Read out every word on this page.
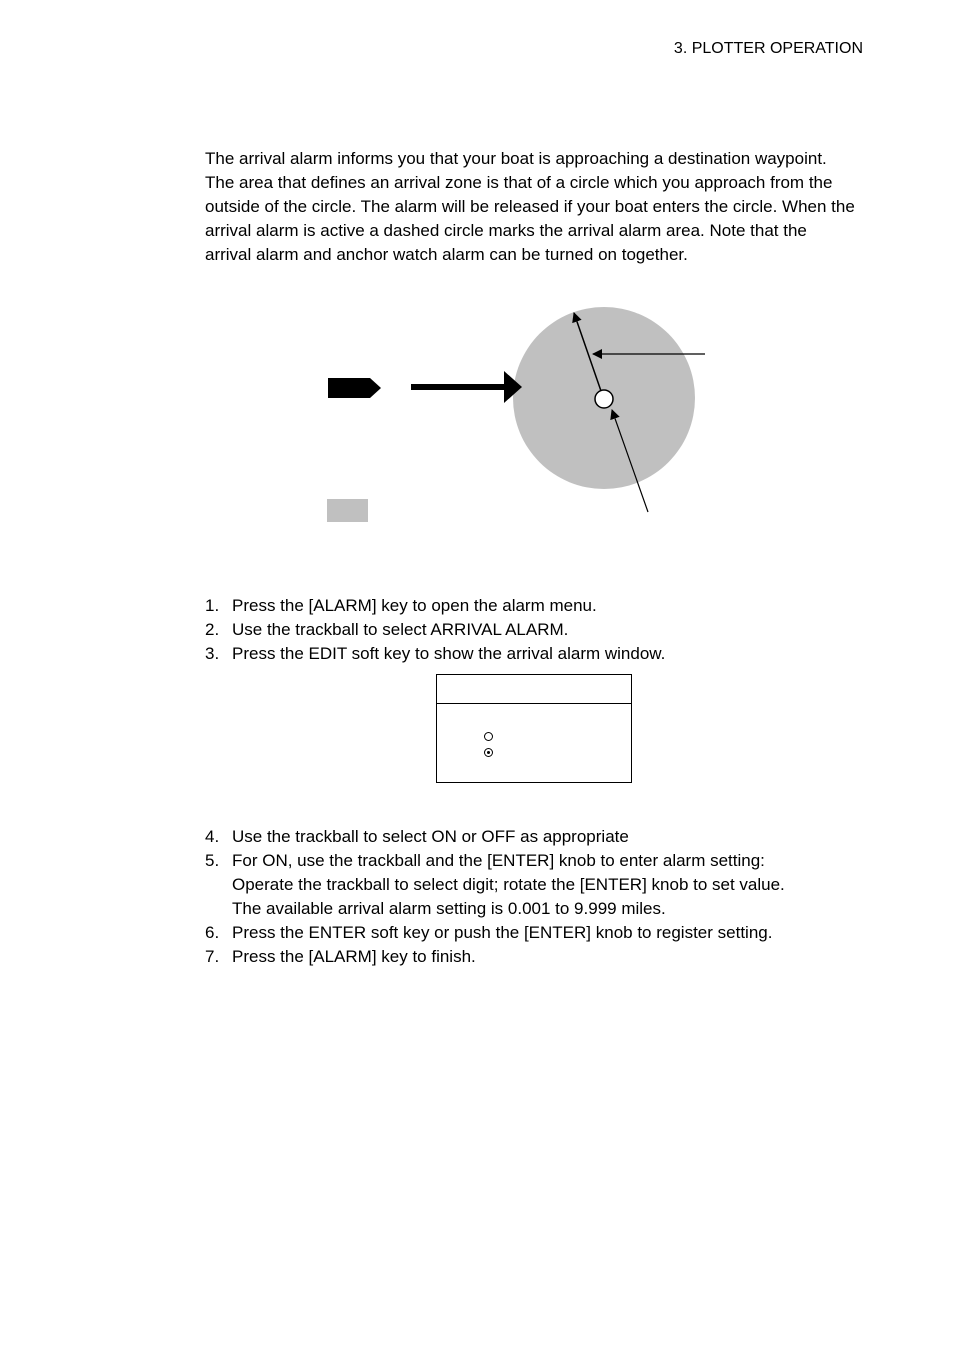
3. PLOTTER OPERATION

The arrival alarm informs you that your boat is approaching a destination waypoint. The area that defines an arrival zone is that of a circle which you approach from the outside of the circle. The alarm will be released if your boat enters the circle. When the arrival alarm is active a dashed circle marks the arrival alarm area. Note that the arrival alarm and anchor watch alarm can be turned on together.

1. Press the [ALARM] key to open the alarm menu.
2. Use the trackball to select ARRIVAL ALARM.
3. Press the EDIT soft key to show the arrival alarm window.
4. Use the trackball to select ON or OFF as appropriate
5. For ON, use the trackball and the [ENTER] knob to enter alarm setting:
Operate the trackball to select digit; rotate the [ENTER] knob to set value.
The available arrival alarm setting is 0.001 to 9.999 miles.
6. Press the ENTER soft key or push the [ENTER] knob to register setting.
7. Press the [ALARM] key to finish.
